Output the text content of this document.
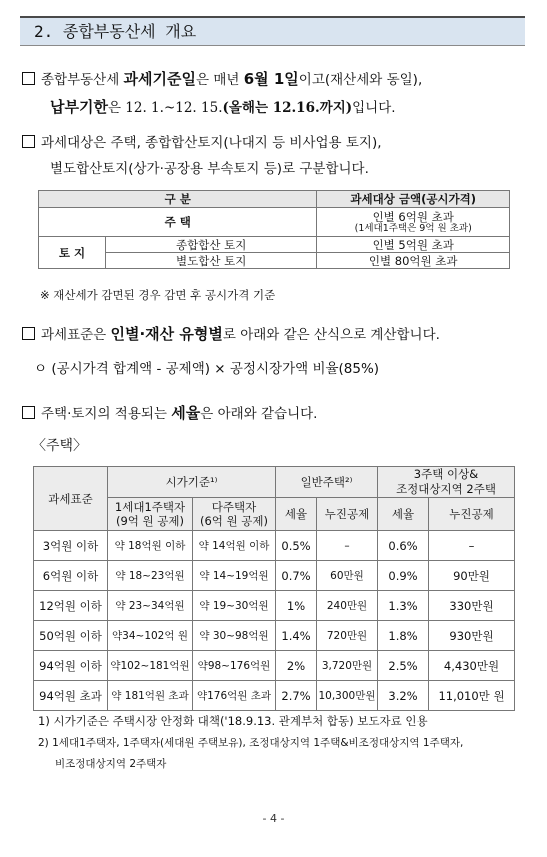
2. 종합부동산세 개요
종합부동산세 과세기준일은 매년 6월 1일이고(재산세와 동일),
납부기한은 12. 1.~12. 15.(올해는 12.16.까지)입니다.
과세대상은 주택, 종합합산토지(나대지 등 비사업용 토지),
별도합산토지(상가·공장용 부속토지 등)로 구분합니다.
구 분		과세대상 금액(공시가격)
주 택		인별 6억원 초과
(1세대1주택은 9억 원 초과)

토 지	종합합산 토지	인별 5억원 초과
	별도합산 토지	인별 80억원 초과
※ 재산세가 감면된 경우 감면 후 공시가격 기준
과세표준은 인별·재산 유형별로 아래와 같은 산식으로 계산합니다.
ㅇ (공시가격 합계액 - 공제액) × 공정시장가액 비율(85%)
주택·토지의 적용되는 세율은 아래와 같습니다.
〈주택〉
과세표준	시가기준¹⁾		일반주택²⁾		3주택 이상&
조정대상지역 2주택	
	1세대1주택자
(9억 원 공제)	다주택자
(6억 원 공제)	세율	누진공제	세율	누진공제
3억원 이하	약 18억원 이하	약 14억원 이하	0.5%	–	0.6%	–
6억원 이하	약 18~23억원	약 14~19억원	0.7%	60만원	0.9%	90만원
12억원 이하	약 23~34억원	약 19~30억원	1%	240만원	1.3%	330만원
50억원 이하	약34~102억 원	약 30~98억원	1.4%	720만원	1.8%	930만원
94억원 이하	약102~181억원	약98~176억원	2%	3,720만원	2.5%	4,430만원
94억원 초과	약 181억원 초과	약176억원 초과	2.7%	10,300만원	3.2%	11,010만 원
1) 시가기준은 주택시장 안정화 대책('18.9.13. 관계부처 합동) 보도자료 인용
2) 1세대1주택자, 1주택자(세대원 주택보유), 조정대상지역 1주택&비조정대상지역 1주택자,
비조정대상지역 2주택자
- 4 -
